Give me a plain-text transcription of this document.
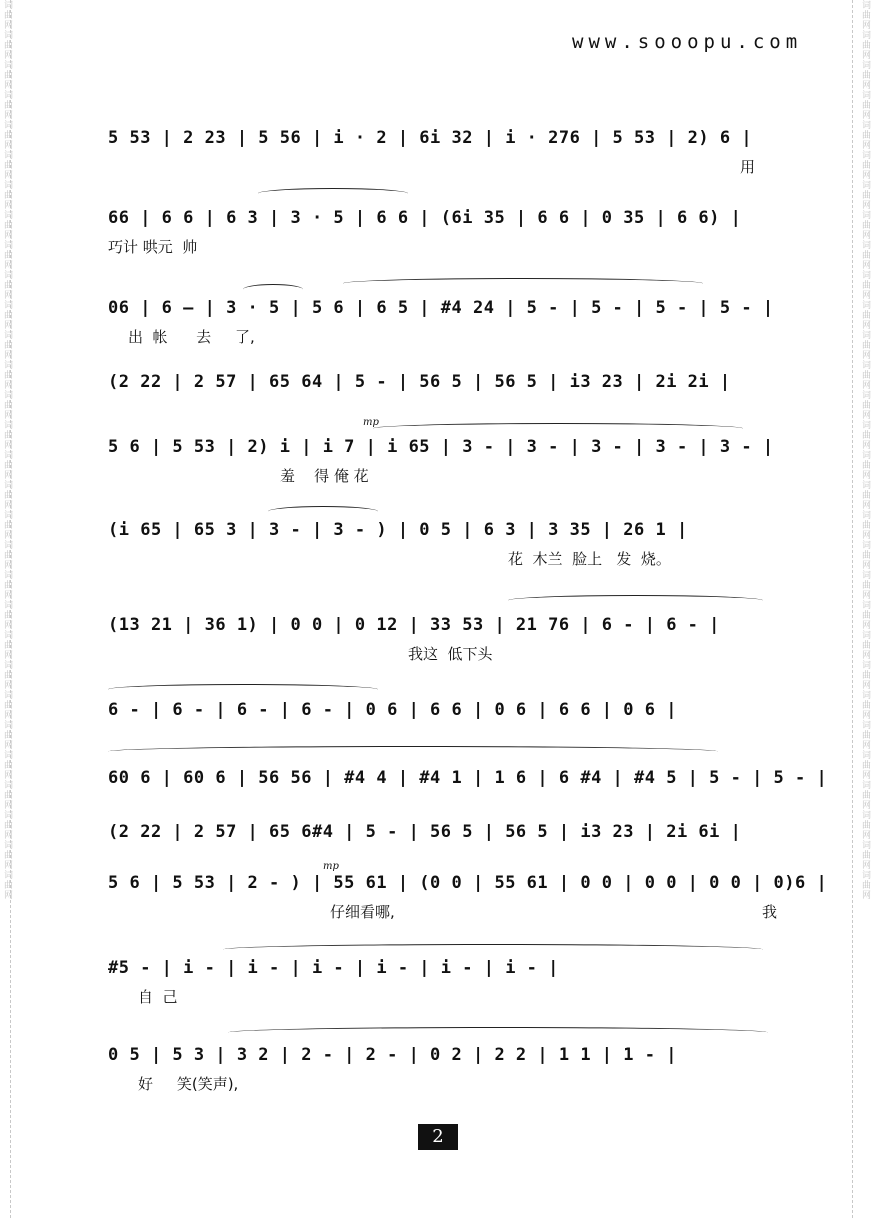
词曲网词曲网词曲网词曲网词曲网词曲网词曲网词曲网词曲网词曲网词曲网词曲网词曲网词曲网词曲网词曲网词曲网词曲网词曲网词曲网词曲网词曲网词曲网词曲网词曲网词曲网词曲网词曲网词曲网词曲网	词曲网词曲网词曲网词曲网词曲网词曲网词曲网词曲网词曲网词曲网词曲网词曲网词曲网词曲网词曲网词曲网词曲网词曲网词曲网词曲网词曲网词曲网词曲网词曲网词曲网词曲网词曲网词曲网词曲网词曲网
www.sooopu.com
5 53 | 2 23 | 5 56 | i · 2 | 6i 32 | i · 276 | 5 53 | 2) 6 |
用
66 | 6 6 | 6 3 | 3 · 5 | 6 6 | (6i 35 | 6 6 | 0 35 | 6 6) |
巧计 哄元  帅
06 | 6 — | 3 · 5 | 5 6 | 6 5 | #4 24 | 5 - | 5 - | 5 - | 5 - |
出  帐      去     了,
(2 22 | 2 57 | 65 64 | 5 - | 56 5 | 56 5 | i3 23 | 2i 2i |
mp
5 6 | 5 53 | 2) i | i 7 | i 65 | 3 - | 3 - | 3 - | 3 - | 3 - |
羞    得 俺 花
(i 65 | 65 3 | 3 - | 3 - ) | 0 5 | 6 3 | 3 35 | 26 1 |
花  木兰  脸上   发  烧。
(13 21 | 36 1) | 0 0 | 0 12 | 33 53 | 21 76 | 6 - | 6 - |
我这  低下头
6 - | 6 - | 6 - | 6 - | 0 6 | 6 6 | 0 6 | 6 6 | 0 6 |
60 6 | 60 6 | 56 56 | #4 4 | #4 1 | 1 6 | 6 #4 | #4 5 | 5 - | 5 - |
(2 22 | 2 57 | 65 6#4 | 5 - | 56 5 | 56 5 | i3 23 | 2i 6i |
mp
5 6 | 5 53 | 2 - ) | 55 61 | (0 0 | 55 61 | 0 0 | 0 0 | 0 0 | 0)6 |
仔细看哪,	我
#5 - | i - | i - | i - | i - | i - | i - |
自  己
0 5 | 5 3 | 3 2 | 2 - | 2 - | 0 2 | 2 2 | 1 1 | 1 - |
好     笑(笑声),
2
